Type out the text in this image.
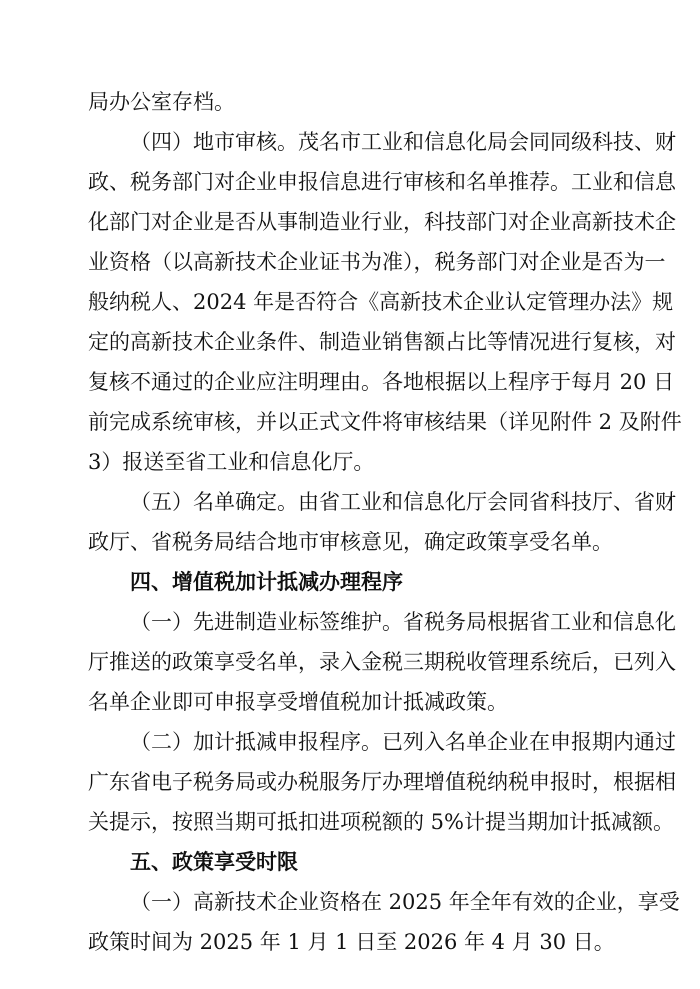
局办公室存档。
（四）地市审核。茂名市工业和信息化局会同同级科技、财
政、税务部门对企业申报信息进行审核和名单推荐。工业和信息
化部门对企业是否从事制造业行业，科技部门对企业高新技术企
业资格（以高新技术企业证书为准），税务部门对企业是否为一
般纳税人、2024 年是否符合《高新技术企业认定管理办法》规
定的高新技术企业条件、制造业销售额占比等情况进行复核，对
复核不通过的企业应注明理由。各地根据以上程序于每月 20 日
前完成系统审核，并以正式文件将审核结果（详见附件 2 及附件
3）报送至省工业和信息化厅。
（五）名单确定。由省工业和信息化厅会同省科技厅、省财
政厅、省税务局结合地市审核意见，确定政策享受名单。
四、增值税加计抵减办理程序
（一）先进制造业标签维护。省税务局根据省工业和信息化
厅推送的政策享受名单，录入金税三期税收管理系统后，已列入
名单企业即可申报享受增值税加计抵减政策。
（二）加计抵减申报程序。已列入名单企业在申报期内通过
广东省电子税务局或办税服务厅办理增值税纳税申报时，根据相
关提示，按照当期可抵扣进项税额的 5%计提当期加计抵减额。
五、政策享受时限
（一）高新技术企业资格在 2025 年全年有效的企业，享受
政策时间为 2025 年 1 月 1 日至 2026 年 4 月 30 日。
